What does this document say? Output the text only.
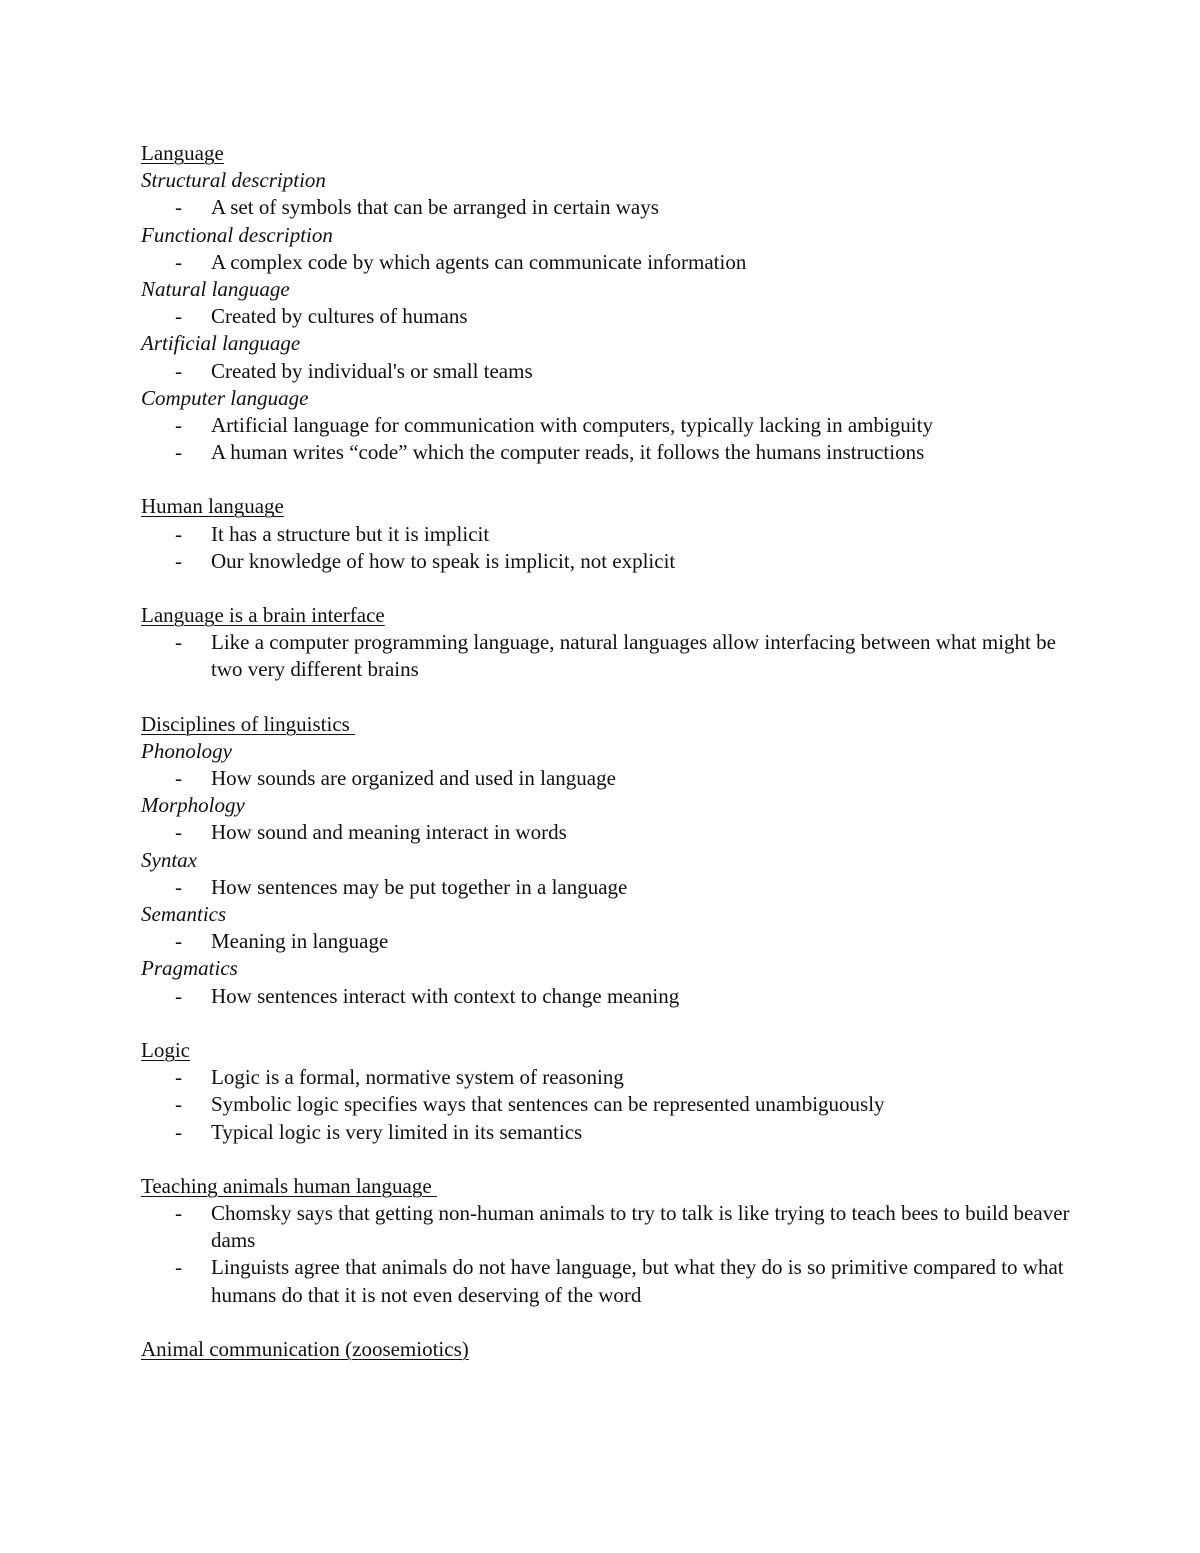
Language
Structural description
- A set of symbols that can be arranged in certain ways
Functional description
- A complex code by which agents can communicate information
Natural language
- Created by cultures of humans
Artificial language
- Created by individual's or small teams
Computer language
- Artificial language for communication with computers, typically lacking in ambiguity
- A human writes “code” which the computer reads, it follows the humans instructions
Human language
- It has a structure but it is implicit
- Our knowledge of how to speak is implicit, not explicit
Language is a brain interface
- Like a computer programming language, natural languages allow interfacing between what might be two very different brains
Disciplines of linguistics
Phonology
- How sounds are organized and used in language
Morphology
- How sound and meaning interact in words
Syntax
- How sentences may be put together in a language
Semantics
- Meaning in language
Pragmatics
- How sentences interact with context to change meaning
Logic
- Logic is a formal, normative system of reasoning
- Symbolic logic specifies ways that sentences can be represented unambiguously
- Typical logic is very limited in its semantics
Teaching animals human language
- Chomsky says that getting non-human animals to try to talk is like trying to teach bees to build beaver dams
- Linguists agree that animals do not have language, but what they do is so primitive compared to what humans do that it is not even deserving of the word
Animal communication (zoosemiotics)
